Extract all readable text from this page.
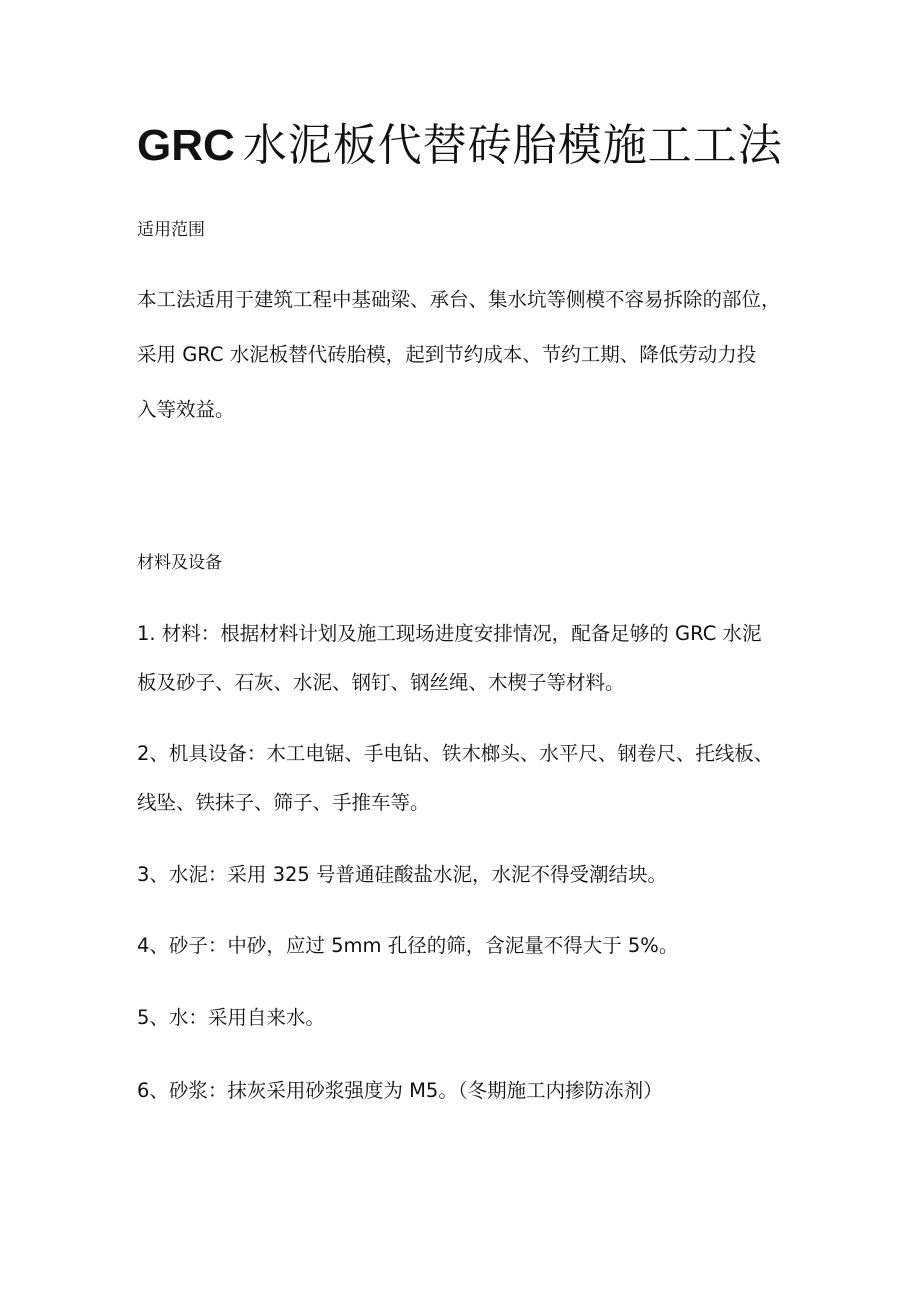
GRC 水泥板代替砖胎模施工工法
适用范围
本工法适用于建筑工程中基础梁、承台、集水坑等侧模不容易拆除的部位，
采用 GRC 水泥板替代砖胎模，起到节约成本、节约工期、降低劳动力投
入等效益。
材料及设备
1. 材料：根据材料计划及施工现场进度安排情况，配备足够的 GRC 水泥
板及砂子、石灰、水泥、钢钉、钢丝绳、木楔子等材料。
2、机具设备：木工电锯、手电钻、铁木榔头、水平尺、钢卷尺、托线板、
线坠、铁抹子、筛子、手推车等。
3、水泥：采用 325 号普通硅酸盐水泥，水泥不得受潮结块。
4、砂子：中砂，应过 5mm 孔径的筛，含泥量不得大于 5%。
5、水：采用自来水。
6、砂浆：抹灰采用砂浆强度为 M5。（冬期施工内掺防冻剂）
